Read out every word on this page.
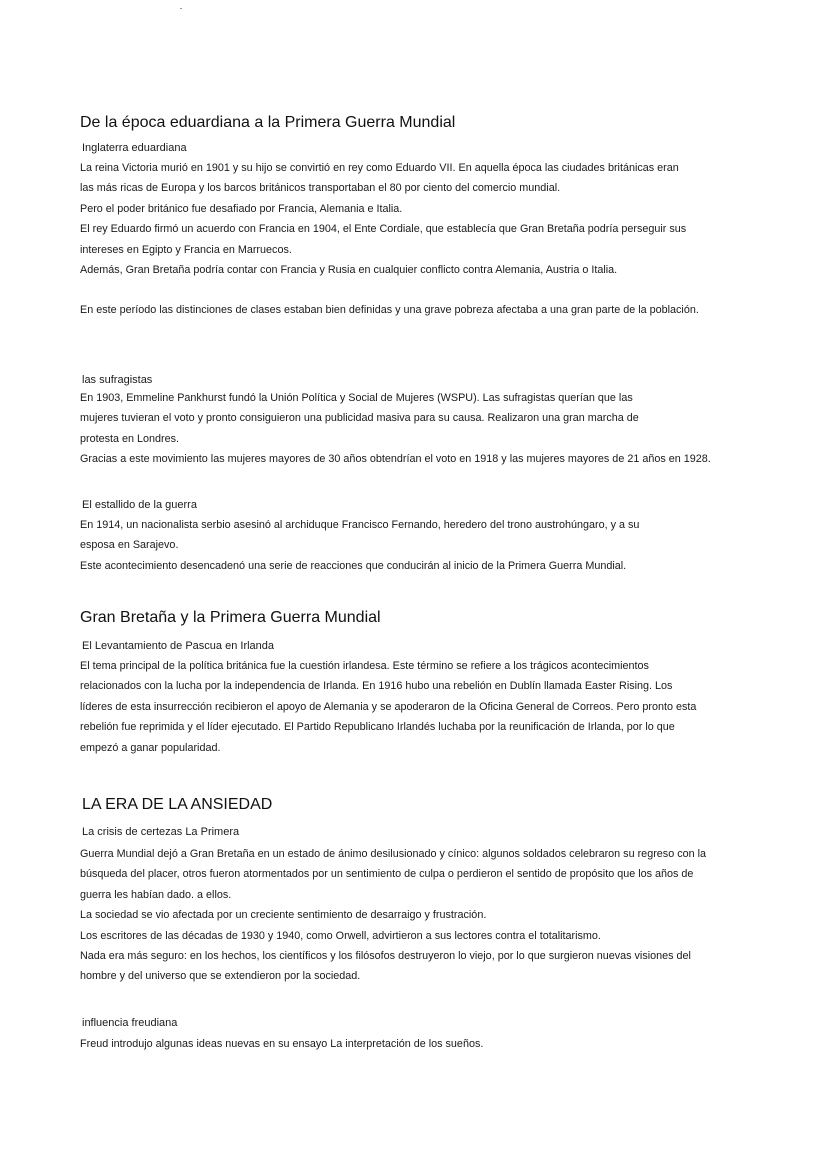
De la época eduardiana a la Primera Guerra Mundial
Inglaterra eduardiana
La reina Victoria murió en 1901 y su hijo se convirtió en rey como Eduardo VII. En aquella época las ciudades británicas eran
las más ricas de Europa y los barcos británicos transportaban el 80 por ciento del comercio mundial.
Pero el poder británico fue desafiado por Francia, Alemania e Italia.
El rey Eduardo firmó un acuerdo con Francia en 1904, el Ente Cordiale, que establecía que Gran Bretaña podría perseguir sus
intereses en Egipto y Francia en Marruecos.
Además, Gran Bretaña podría contar con Francia y Rusia en cualquier conflicto contra Alemania, Austria o Italia.
En este período las distinciones de clases estaban bien definidas y una grave pobreza afectaba a una gran parte de la población.
las sufragistas
En 1903, Emmeline Pankhurst fundó la Unión Política y Social de Mujeres (WSPU). Las sufragistas querían que las
mujeres tuvieran el voto y pronto consiguieron una publicidad masiva para su causa. Realizaron una gran marcha de
protesta en Londres.
Gracias a este movimiento las mujeres mayores de 30 años obtendrían el voto en 1918 y las mujeres mayores de 21 años en 1928.
El estallido de la guerra
En 1914, un nacionalista serbio asesinó al archiduque Francisco Fernando, heredero del trono austrohúngaro, y a su
esposa en Sarajevo.
Este acontecimiento desencadenó una serie de reacciones que conducirán al inicio de la Primera Guerra Mundial.
Gran Bretaña y la Primera Guerra Mundial
El Levantamiento de Pascua en Irlanda
El tema principal de la política británica fue la cuestión irlandesa. Este término se refiere a los trágicos acontecimientos
relacionados con la lucha por la independencia de Irlanda. En 1916 hubo una rebelión en Dublín llamada Easter Rising. Los
líderes de esta insurrección recibieron el apoyo de Alemania y se apoderaron de la Oficina General de Correos. Pero pronto esta
rebelión fue reprimida y el líder ejecutado. El Partido Republicano Irlandés luchaba por la reunificación de Irlanda, por lo que
empezó a ganar popularidad.
LA ERA DE LA ANSIEDAD
La crisis de certezas La Primera
Guerra Mundial dejó a Gran Bretaña en un estado de ánimo desilusionado y cínico: algunos soldados celebraron su regreso con la
búsqueda del placer, otros fueron atormentados por un sentimiento de culpa o perdieron el sentido de propósito que los años de
guerra les habían dado. a ellos.
La sociedad se vio afectada por un creciente sentimiento de desarraigo y frustración.
Los escritores de las décadas de 1930 y 1940, como Orwell, advirtieron a sus lectores contra el totalitarismo.
Nada era más seguro: en los hechos, los científicos y los filósofos destruyeron lo viejo, por lo que surgieron nuevas visiones del
hombre y del universo que se extendieron por la sociedad.
influencia freudiana
Freud introdujo algunas ideas nuevas en su ensayo La interpretación de los sueños.
